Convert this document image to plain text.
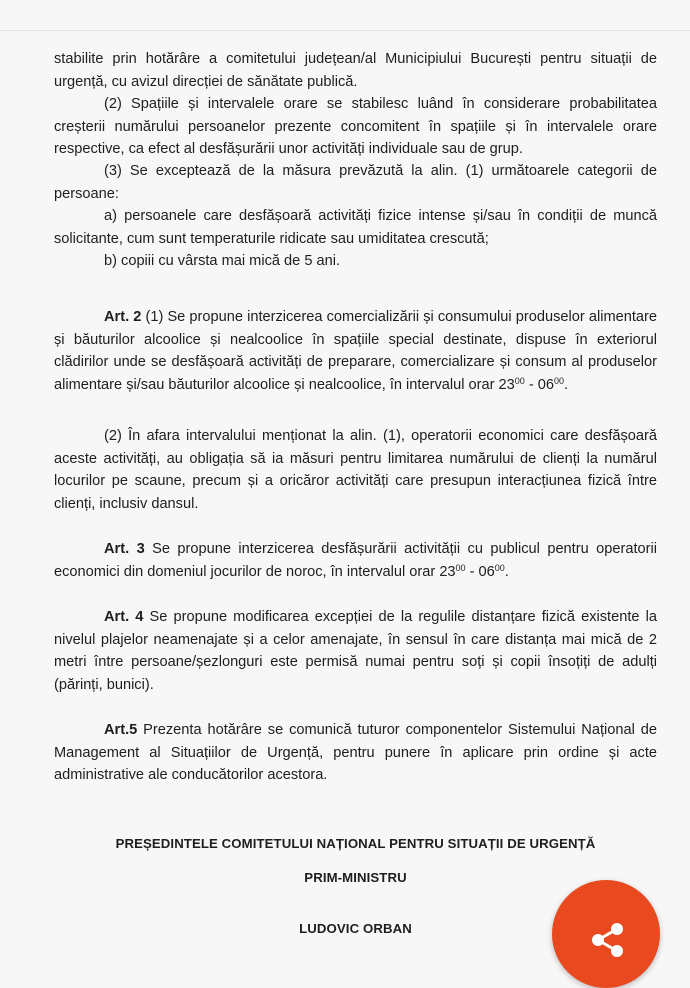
stabilite prin hotărâre a comitetului județean/al Municipiului București pentru situații de urgență, cu avizul direcției de sănătate publică.

(2) Spațiile și intervalele orare se stabilesc luând în considerare probabilitatea creșterii numărului persoanelor prezente concomitent în spațiile și în intervalele orare respective, ca efect al desfășurării unor activități individuale sau de grup.

(3) Se exceptează de la măsura prevăzută la alin. (1) următoarele categorii de persoane:

a) persoanele care desfășoară activități fizice intense și/sau în condiții de muncă solicitante, cum sunt temperaturile ridicate sau umiditatea crescută;

b) copiii cu vârsta mai mică de 5 ani.

Art. 2 (1) Se propune interzicerea comercializării și consumului produselor alimentare și băuturilor alcoolice și nealcoolice în spațiile special destinate, dispuse în exteriorul clădirilor unde se desfășoară activități de preparare, comercializare și consum al produselor alimentare și/sau băuturilor alcoolice și nealcoolice, în intervalul orar $23^{00} - 06^{00}$.

(2) În afara intervalului menționat la alin. (1), operatorii economici care desfășoară aceste activități, au obligația să ia măsuri pentru limitarea numărului de clienți la numărul locurilor pe scaune, precum și a oricăror activități care presupun interacțiunea fizică între clienți, inclusiv dansul.

Art. 3 Se propune interzicerea desfășurării activității cu publicul pentru operatorii economici din domeniul jocurilor de noroc, în intervalul orar $23^{00} - 06^{00}$.

Art. 4 Se propune modificarea excepției de la regulile distanțare fizică existente la nivelul plajelor neamenajate și a celor amenajate, în sensul în care distanța mai mică de 2 metri între persoane/șezlonguri este permisă numai pentru soți și copii însoțiți de adulți (părinți, bunici).

Art.5 Prezenta hotărâre se comunică tuturor componentelor Sistemului Național de Management al Situațiilor de Urgență, pentru punere în aplicare prin ordine și acte administrative ale conducătorilor acestora.

PREȘEDINTELE COMITETULUI NAȚIONAL PENTRU SITUAȚII DE URGENȚĂ

PRIM-MINISTRU

LUDOVIC ORBAN
